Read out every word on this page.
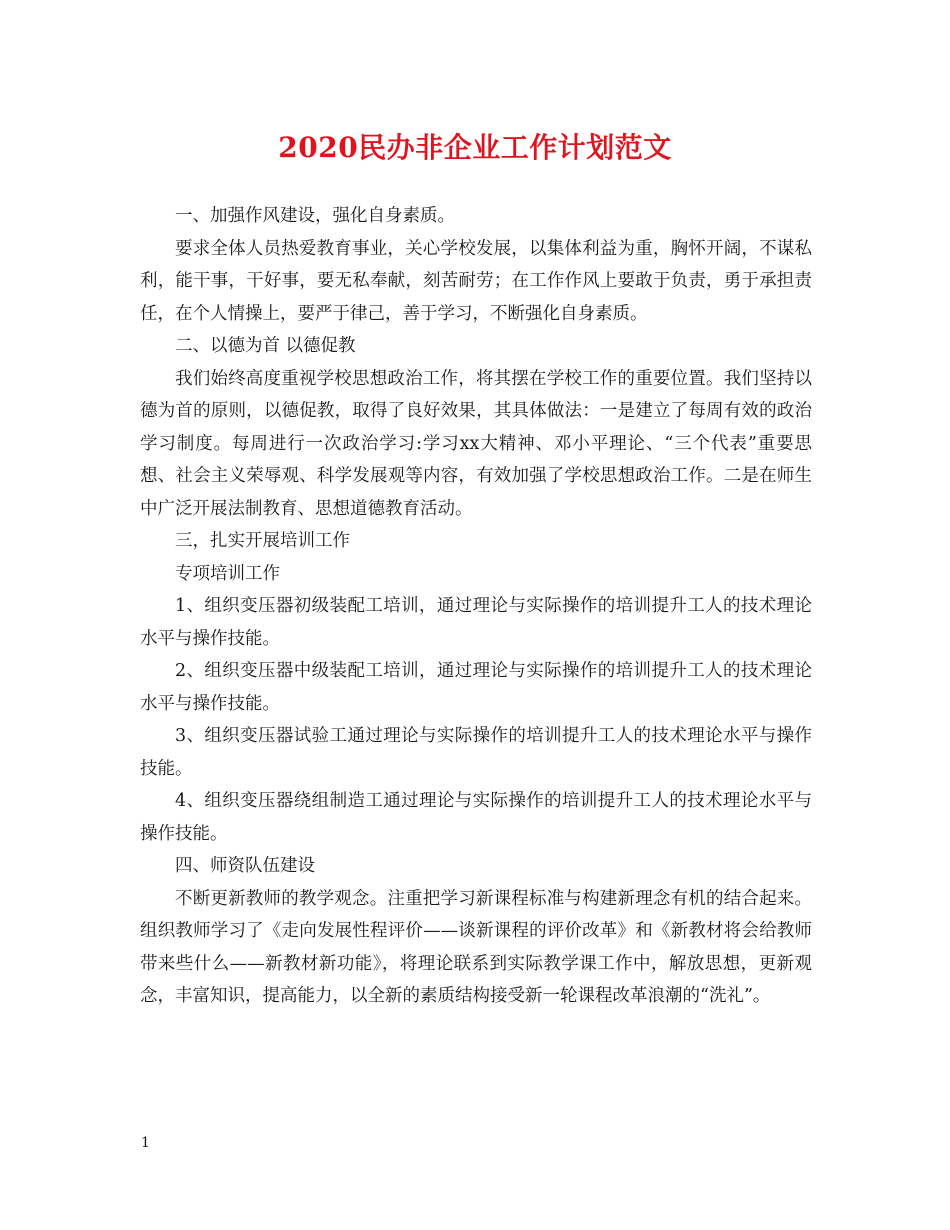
2020民办非企业工作计划范文

一、加强作风建设，强化自身素质。

要求全体人员热爱教育事业，关心学校发展，以集体利益为重，胸怀开阔，不谋私利，能干事，干好事，要无私奉献，刻苦耐劳；在工作作风上要敢于负责，勇于承担责任，在个人情操上，要严于律己，善于学习，不断强化自身素质。

二、以德为首 以德促教

我们始终高度重视学校思想政治工作，将其摆在学校工作的重要位置。我们坚持以德为首的原则，以德促教，取得了良好效果，其具体做法：一是建立了每周有效的政治学习制度。每周进行一次政治学习:学习xx大精神、邓小平理论、“三个代表”重要思想、社会主义荣辱观、科学发展观等内容，有效加强了学校思想政治工作。二是在师生中广泛开展法制教育、思想道德教育活动。

三，扎实开展培训工作

专项培训工作

1、组织变压器初级装配工培训，通过理论与实际操作的培训提升工人的技术理论水平与操作技能。

2、组织变压器中级装配工培训，通过理论与实际操作的培训提升工人的技术理论水平与操作技能。

3、组织变压器试验工通过理论与实际操作的培训提升工人的技术理论水平与操作技能。

4、组织变压器绕组制造工通过理论与实际操作的培训提升工人的技术理论水平与操作技能。

四、师资队伍建设

不断更新教师的教学观念。注重把学习新课程标准与构建新理念有机的结合起来。组织教师学习了《走向发展性程评价——谈新课程的评价改革》和《新教材将会给教师带来些什么——新教材新功能》，将理论联系到实际教学课工作中，解放思想，更新观念，丰富知识，提高能力，以全新的素质结构接受新一轮课程改革浪潮的“洗礼”。

1
